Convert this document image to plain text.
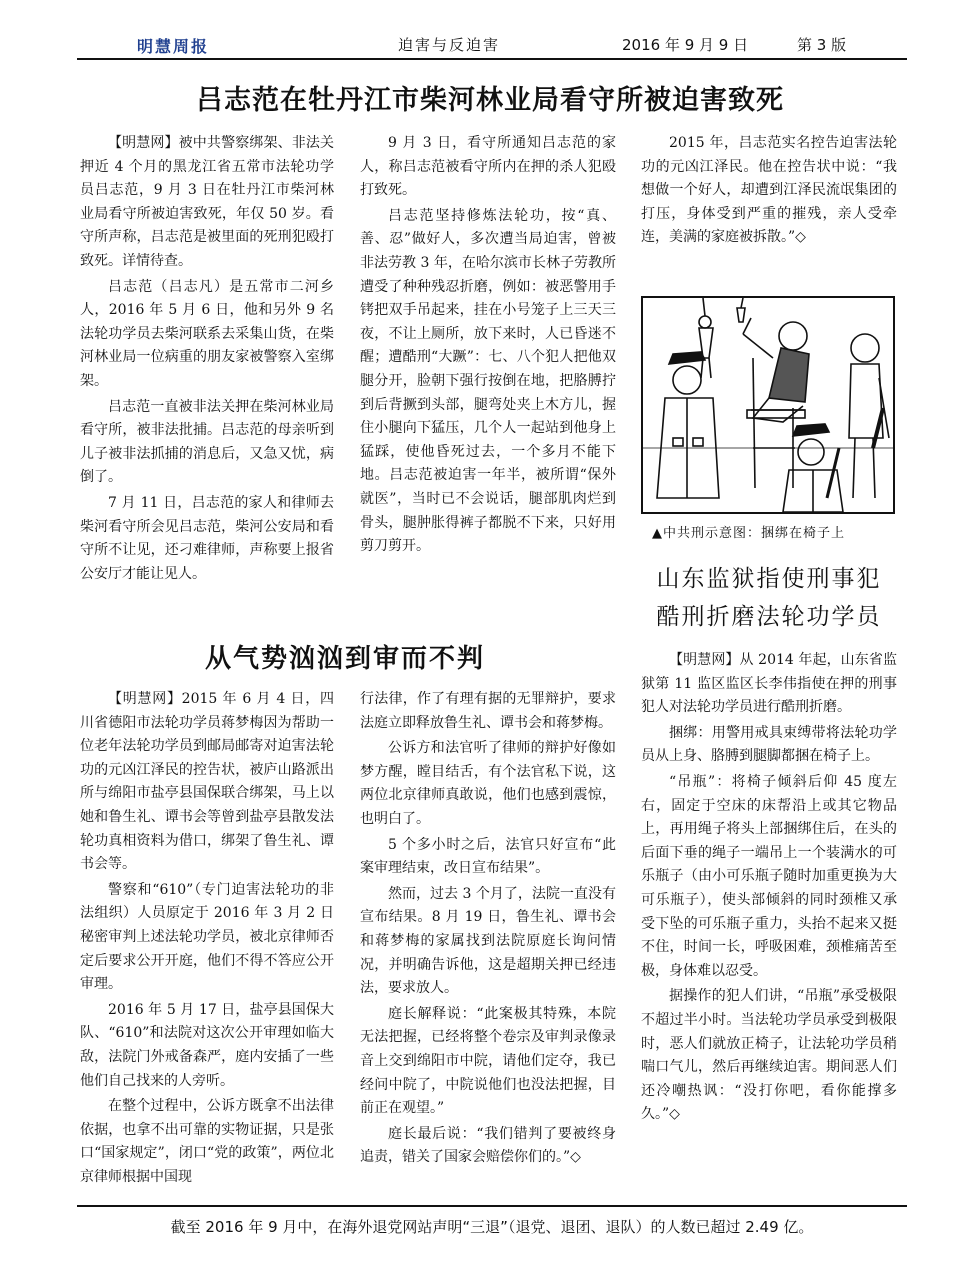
明慧周报	迫害与反迫害	2016 年 9 月 9 日	第 3 版
吕志范在牡丹江市柴河林业局看守所被迫害致死

【明慧网】被中共警察绑架、非法关押近 4 个月的黑龙江省五常市法轮功学员吕志范，9 月 3 日在牡丹江市柴河林业局看守所被迫害致死，年仅 50 岁。看守所声称，吕志范是被里面的死刑犯殴打致死。详情待查。

吕志范（吕志凡）是五常市二河乡人，2016 年 5 月 6 日，他和另外 9 名法轮功学员去柴河联系去采集山货，在柴河林业局一位病重的朋友家被警察入室绑架。

吕志范一直被非法关押在柴河林业局看守所，被非法批捕。吕志范的母亲听到儿子被非法抓捕的消息后，又急又忧，病倒了。

7 月 11 日，吕志范的家人和律师去柴河看守所会见吕志范，柴河公安局和看守所不让见，还刁难律师，声称要上报省公安厅才能让见人。

9 月 3 日，看守所通知吕志范的家人，称吕志范被看守所内在押的杀人犯殴打致死。

吕志范坚持修炼法轮功，按“真、善、忍”做好人，多次遭当局迫害，曾被非法劳教 3 年，在哈尔滨市长林子劳教所遭受了种种残忍折磨，例如：被恶警用手铐把双手吊起来，挂在小号笼子上三天三夜，不让上厕所，放下来时，人已昏迷不醒；遭酷刑“大蹶”：七、八个犯人把他双腿分开，脸朝下强行按倒在地，把胳膊拧到后背撅到头部，腿弯处夹上木方儿，握住小腿向下猛压，几个人一起站到他身上猛踩，使他昏死过去，一个多月不能下地。吕志范被迫害一年半，被所谓“保外就医”，当时已不会说话，腿部肌肉烂到骨头，腿肿胀得裤子都脱不下来，只好用剪刀剪开。

2015 年，吕志范实名控告迫害法轮功的元凶江泽民。他在控告状中说：“我想做一个好人，却遭到江泽民流氓集团的打压，身体受到严重的摧残，亲人受牵连，美满的家庭被拆散。”◇

▲中共刑示意图：捆绑在椅子上
山东监狱指使刑事犯
酷刑折磨法轮功学员

【明慧网】从 2014 年起，山东省监狱第 11 监区监区长李伟指使在押的刑事犯人对法轮功学员进行酷刑折磨。

捆绑：用警用戒具束缚带将法轮功学员从上身、胳膊到腿脚都捆在椅子上。

“吊瓶”：将椅子倾斜后仰 45 度左右，固定于空床的床帮沿上或其它物品上，再用绳子将头上部捆绑住后，在头的后面下垂的绳子一端吊上一个装满水的可乐瓶子（由小可乐瓶子随时加重更换为大可乐瓶子），使头部倾斜的同时颈椎又承受下坠的可乐瓶子重力，头抬不起来又挺不住，时间一长，呼吸困难，颈椎痛苦至极，身体难以忍受。

据操作的犯人们讲，“吊瓶”承受极限不超过半小时。当法轮功学员承受到极限时，恶人们就放正椅子，让法轮功学员稍喘口气儿，然后再继续迫害。期间恶人们还冷嘲热讽：“没打你吧，看你能撑多久。”◇

从气势汹汹到审而不判

【明慧网】2015 年 6 月 4 日，四川省德阳市法轮功学员蒋梦梅因为帮助一位老年法轮功学员到邮局邮寄对迫害法轮功的元凶江泽民的控告状，被庐山路派出所与绵阳市盐亭县国保联合绑架，马上以她和鲁生礼、谭书会等曾到盐亭县散发法轮功真相资料为借口，绑架了鲁生礼、谭书会等。

警察和“610”（专门迫害法轮功的非法组织）人员原定于 2016 年 3 月 2 日秘密审判上述法轮功学员，被北京律师否定后要求公开开庭，他们不得不答应公开审理。

2016 年 5 月 17 日，盐亭县国保大队、“610”和法院对这次公开审理如临大敌，法院门外戒备森严，庭内安插了一些他们自己找来的人旁听。

在整个过程中，公诉方既拿不出法律依据，也拿不出可靠的实物证据，只是张口“国家规定”，闭口“党的政策”，两位北京律师根据中国现

行法律，作了有理有据的无罪辩护，要求法庭立即释放鲁生礼、谭书会和蒋梦梅。

公诉方和法官听了律师的辩护好像如梦方醒，瞠目结舌，有个法官私下说，这两位北京律师真敢说，他们也感到震惊，也明白了。

5 个多小时之后，法官只好宣布“此案审理结束，改日宣布结果”。

然而，过去 3 个月了，法院一直没有宣布结果。8 月 19 日，鲁生礼、谭书会和蒋梦梅的家属找到法院原庭长询问情况，并明确告诉他，这是超期关押已经违法，要求放人。

庭长解释说：“此案极其特殊，本院无法把握，已经将整个卷宗及审判录像录音上交到绵阳市中院，请他们定夺，我已经问中院了，中院说他们也没法把握，目前正在观望。”

庭长最后说：“我们错判了要被终身追责，错关了国家会赔偿你们的。”◇

截至 2016 年 9 月中，在海外退党网站声明“三退”（退党、退团、退队）的人数已超过 2.49 亿。
